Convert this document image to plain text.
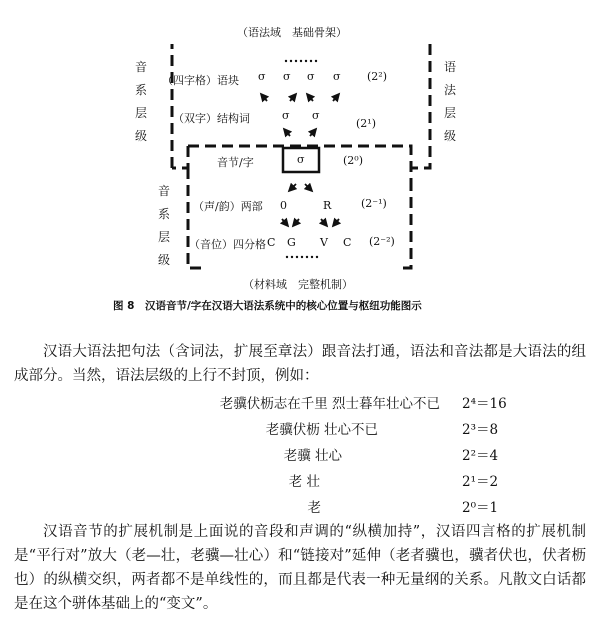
（语法域　基础骨架）
音
系
层
级
语
法
层
级
音
系
层
级
（四字格）语块 σ σ σ σ (2²)
（双字）结构词	σ σ
(2¹)
音节/字	σ	(2⁰)
（声/韵）两部 0	R	(2⁻¹)
（音位）四分格 C G V C (2⁻²)
（材料域　完整机制）
图 8　汉语音节/字在汉语大语法系统中的核心位置与枢纽功能图示
汉语大语法把句法（含词法，扩展至章法）跟音法打通，语法和音法都是大语法的组成部分。当然，语法层级的上行不封顶，例如：
老骥伏枥志在千里 烈士暮年壮心不已 2⁴＝16
老骥伏枥 壮心不已	2³＝8
老骥 壮心	2²＝4
老 壮	2¹＝2
老	2⁰＝1
汉语音节的扩展机制是上面说的音段和声调的“纵横加持”，汉语四言格的扩展机制是“平行对”放大（老—壮，老骥—壮心）和“链接对”延伸（老者骥也，骥者伏也，伏者枥也）的纵横交织，两者都不是单线性的，而且都是代表一种无量纲的关系。凡散文白话都是在这个骈体基础上的“变文”。
